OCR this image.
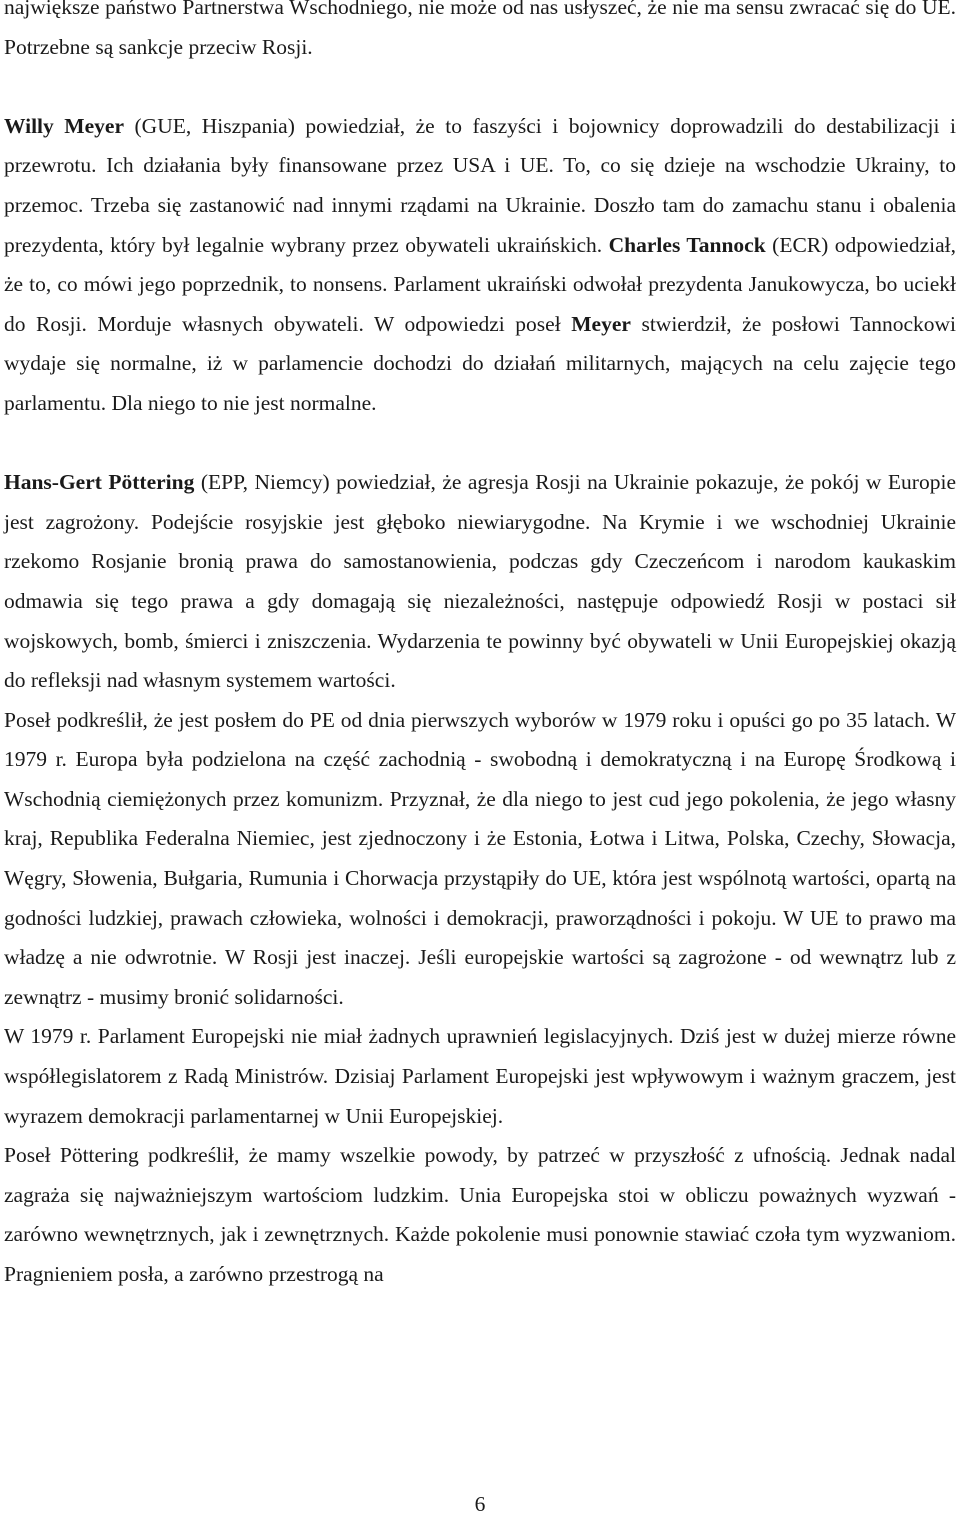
największe państwo Partnerstwa Wschodniego, nie może od nas usłyszeć, że nie ma sensu zwracać się do UE. Potrzebne są sankcje przeciw Rosji.

Willy Meyer (GUE, Hiszpania) powiedział, że to faszyści i bojownicy doprowadzili do destabilizacji i przewrotu. Ich działania były finansowane przez USA i UE. To, co się dzieje na wschodzie Ukrainy, to przemoc. Trzeba się zastanowić nad innymi rządami na Ukrainie. Doszło tam do zamachu stanu i obalenia prezydenta, który był legalnie wybrany przez obywateli ukraińskich. Charles Tannock (ECR) odpowiedział, że to, co mówi jego poprzednik, to nonsens. Parlament ukraiński odwołał prezydenta Janukowycza, bo uciekł do Rosji. Morduje własnych obywateli. W odpowiedzi poseł Meyer stwierdził, że posłowi Tannockowi wydaje się normalne, iż w parlamencie dochodzi do działań militarnych, mających na celu zajęcie tego parlamentu. Dla niego to nie jest normalne.

Hans-Gert Pöttering (EPP, Niemcy) powiedział, że agresja Rosji na Ukrainie pokazuje, że pokój w Europie jest zagrożony. Podejście rosyjskie jest głęboko niewiarygodne. Na Krymie i we wschodniej Ukrainie rzekomo Rosjanie bronią prawa do samostanowienia, podczas gdy Czeczeńcom i narodom kaukaskim odmawia się tego prawa a gdy domagają się niezależności, następuje odpowiedź Rosji w postaci sił wojskowych, bomb, śmierci i zniszczenia. Wydarzenia te powinny być obywateli w Unii Europejskiej okazją do refleksji nad własnym systemem wartości.

Poseł podkreślił, że jest posłem do PE od dnia pierwszych wyborów w 1979 roku i opuści go po 35 latach. W 1979 r. Europa była podzielona na część zachodnią - swobodną i demokratyczną i na Europę Środkową i Wschodnią ciemiężonych przez komunizm. Przyznał, że dla niego to jest cud jego pokolenia, że jego własny kraj, Republika Federalna Niemiec, jest zjednoczony i że Estonia, Łotwa i Litwa, Polska, Czechy, Słowacja, Węgry, Słowenia, Bułgaria, Rumunia i Chorwacja przystąpiły do UE, która jest wspólnotą wartości, opartą na godności ludzkiej, prawach człowieka, wolności i demokracji, praworządności i pokoju. W UE to prawo ma władzę a nie odwrotnie. W Rosji jest inaczej. Jeśli europejskie wartości są zagrożone - od wewnątrz lub z zewnątrz - musimy bronić solidarności.

W 1979 r. Parlament Europejski nie miał żadnych uprawnień legislacyjnych. Dziś jest w dużej mierze równe współlegislatorem z Radą Ministrów. Dzisiaj Parlament Europejski jest wpływowym i ważnym graczem, jest wyrazem demokracji parlamentarnej w Unii Europejskiej.

Poseł Pöttering podkreślił, że mamy wszelkie powody, by patrzeć w przyszłość z ufnością. Jednak nadal zagraża się najważniejszym wartościom ludzkim. Unia Europejska stoi w obliczu poważnych wyzwań - zarówno wewnętrznych, jak i zewnętrznych. Każde pokolenie musi ponownie stawiać czoła tym wyzwaniom. Pragnieniem posła, a zarówno przestrogą na

6
